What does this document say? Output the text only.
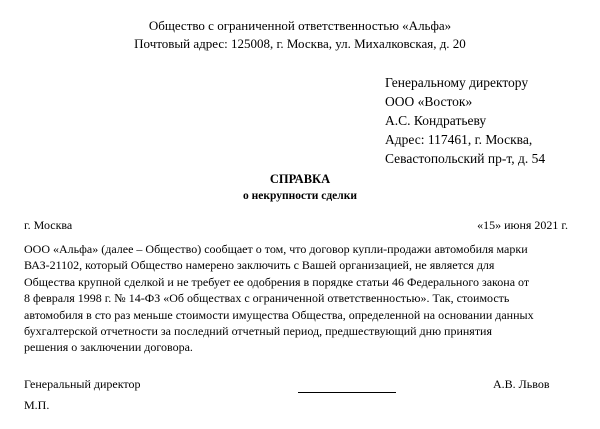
Общество с ограниченной ответственностью «Альфа»
Почтовый адрес: 125008, г. Москва, ул. Михалковская, д. 20
Генеральному директору
ООО «Восток»
А.С. Кондратьеву
Адрес: 117461, г. Москва,
Севастопольский пр-т, д. 54
СПРАВКА
о некрупности сделки
г. Москва	«15» июня 2021 г.
ООО «Альфа» (далее – Общество) сообщает о том, что договор купли-продажи автомобиля марки
ВАЗ-21102, который Общество намерено заключить с Вашей организацией, не является для
Общества крупной сделкой и не требует ее одобрения в порядке статьи 46 Федерального закона от
8 февраля 1998 г. № 14-ФЗ «Об обществах с ограниченной ответственностью». Так, стоимость
автомобиля в сто раз меньше стоимости имущества Общества, определенной на основании данных
бухгалтерской отчетности за последний отчетный период, предшествующий дню принятия
решения о заключении договора.
Генеральный директор	А.В. Львов
М.П.
